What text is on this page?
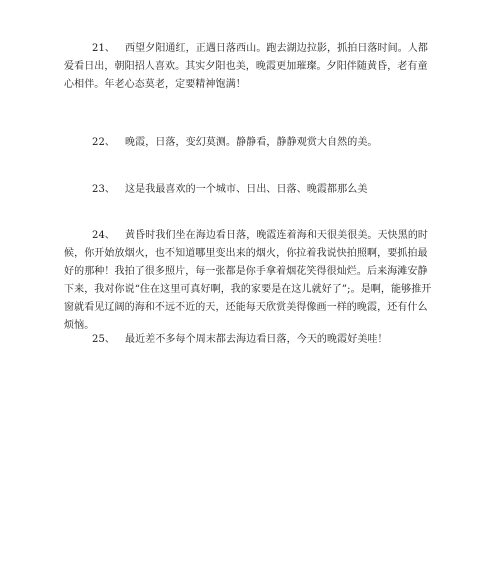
21、 西望夕阳通红，正遇日落西山。跑去湖边拉影，抓拍日落时间。人都爱看日出，朝阳招人喜欢。其实夕阳也美，晚霞更加璀璨。夕阳伴随黄昏，老有童心相伴。年老心态莫老，定要精神饱满！

22、 晚霞，日落，变幻莫测。静静看，静静观赏大自然的美。

23、 这是我最喜欢的一个城市、日出、日落、晚霞都那么美

24、 黄昏时我们坐在海边看日落，晚霞连着海和天很美很美。天快黑的时候，你开始放烟火，也不知道哪里变出来的烟火，你拉着我说快拍照啊，要抓拍最好的那种！我拍了很多照片，每一张都是你手拿着烟花笑得很灿烂。后来海滩安静下来，我对你说“住在这里可真好啊，我的家要是在这儿就好了”;。是啊，能够推开窗就看见辽阔的海和不远不近的天，还能每天欣赏美得像画一样的晚霞，还有什么烦恼。

25、 最近差不多每个周末都去海边看日落，今天的晚霞好美哇！
